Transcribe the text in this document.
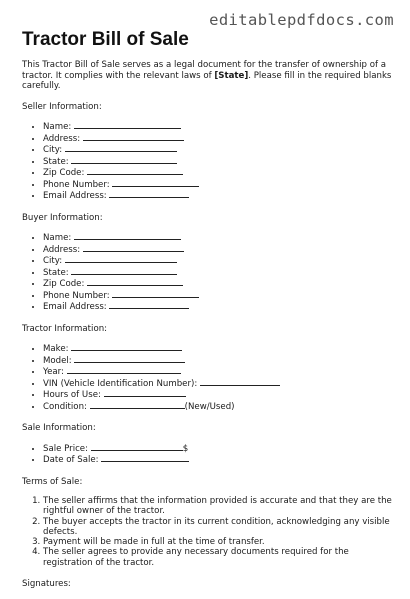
editablepdfdocs.com
Tractor Bill of Sale

This Tractor Bill of Sale serves as a legal document for the transfer of ownership of a tractor. It complies with the relevant laws of [State]. Please fill in the required blanks carefully.

Seller Information:

• Name:
• Address:
• City:
• State:
• Zip Code:
• Phone Number:
• Email Address:

Buyer Information:

• Name:
• Address:
• City:
• State:
• Zip Code:
• Phone Number:
• Email Address:

Tractor Information:

• Make:
• Model:
• Year:
• VIN (Vehicle Identification Number):
• Hours of Use:
• Condition:	(New/Used)

Sale Information:

• Sale Price:	$
• Date of Sale:

Terms of Sale:

1. The seller affirms that the information provided is accurate and that they are the rightful owner of the tractor.
2. The buyer accepts the tractor in its current condition, acknowledging any visible defects.
3. Payment will be made in full at the time of transfer.
4. The seller agrees to provide any necessary documents required for the registration of the tractor.

Signatures:
